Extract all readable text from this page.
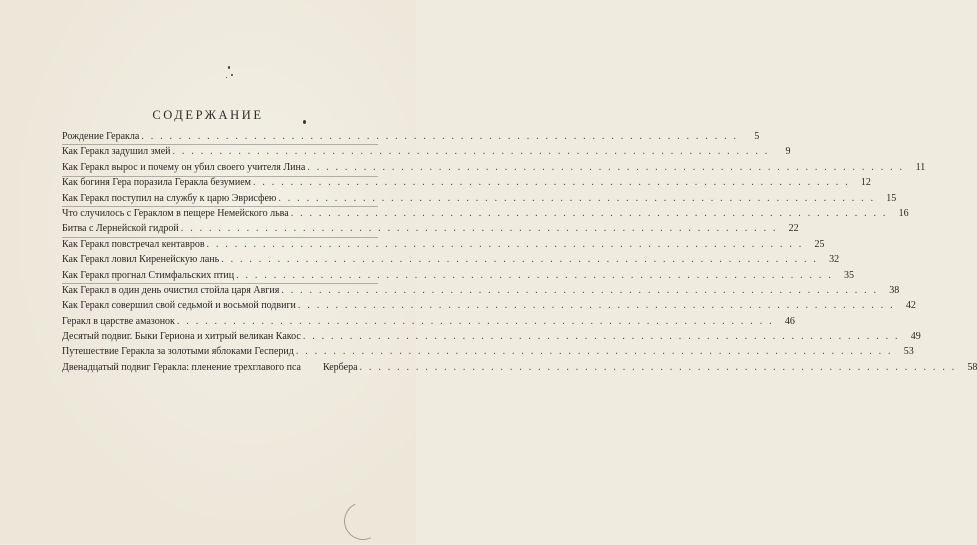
СОДЕРЖАНИЕ
Рождение Геракла . . .	5
Как Геракл задушил змей . . .	9
Как Геракл вырос и почему он убил своего учителя Лина . . .	11
Как богиня Гера поразила Геракла безумием . . .	12
Как Геракл поступил на службу к царю Эврисфею . . .	15
Что случилось с Гераклом в пещере Немейского льва . . .	16
Битва с Лернейской гидрой . . .	22
Как Геракл повстречал кентавров . . .	25
Как Геракл ловил Киренейскую лань . . .	32
Как Геракл прогнал Стимфальских птиц . . .	35
Как Геракл в один день очистил стойла царя Авгия . . .	38
Как Геракл совершил свой седьмой и восьмой подвиги . . .	42
Геракл в царстве амазонок . . .	46
Десятый подвиг. Быки Гериона и хитрый великан Какос . . .	49
Путешествие Геракла за золотыми яблоками Гесперид . . .	53
Двенадцатый подвиг Геракла: пленение трехглавого пса Кербера . . .	58
